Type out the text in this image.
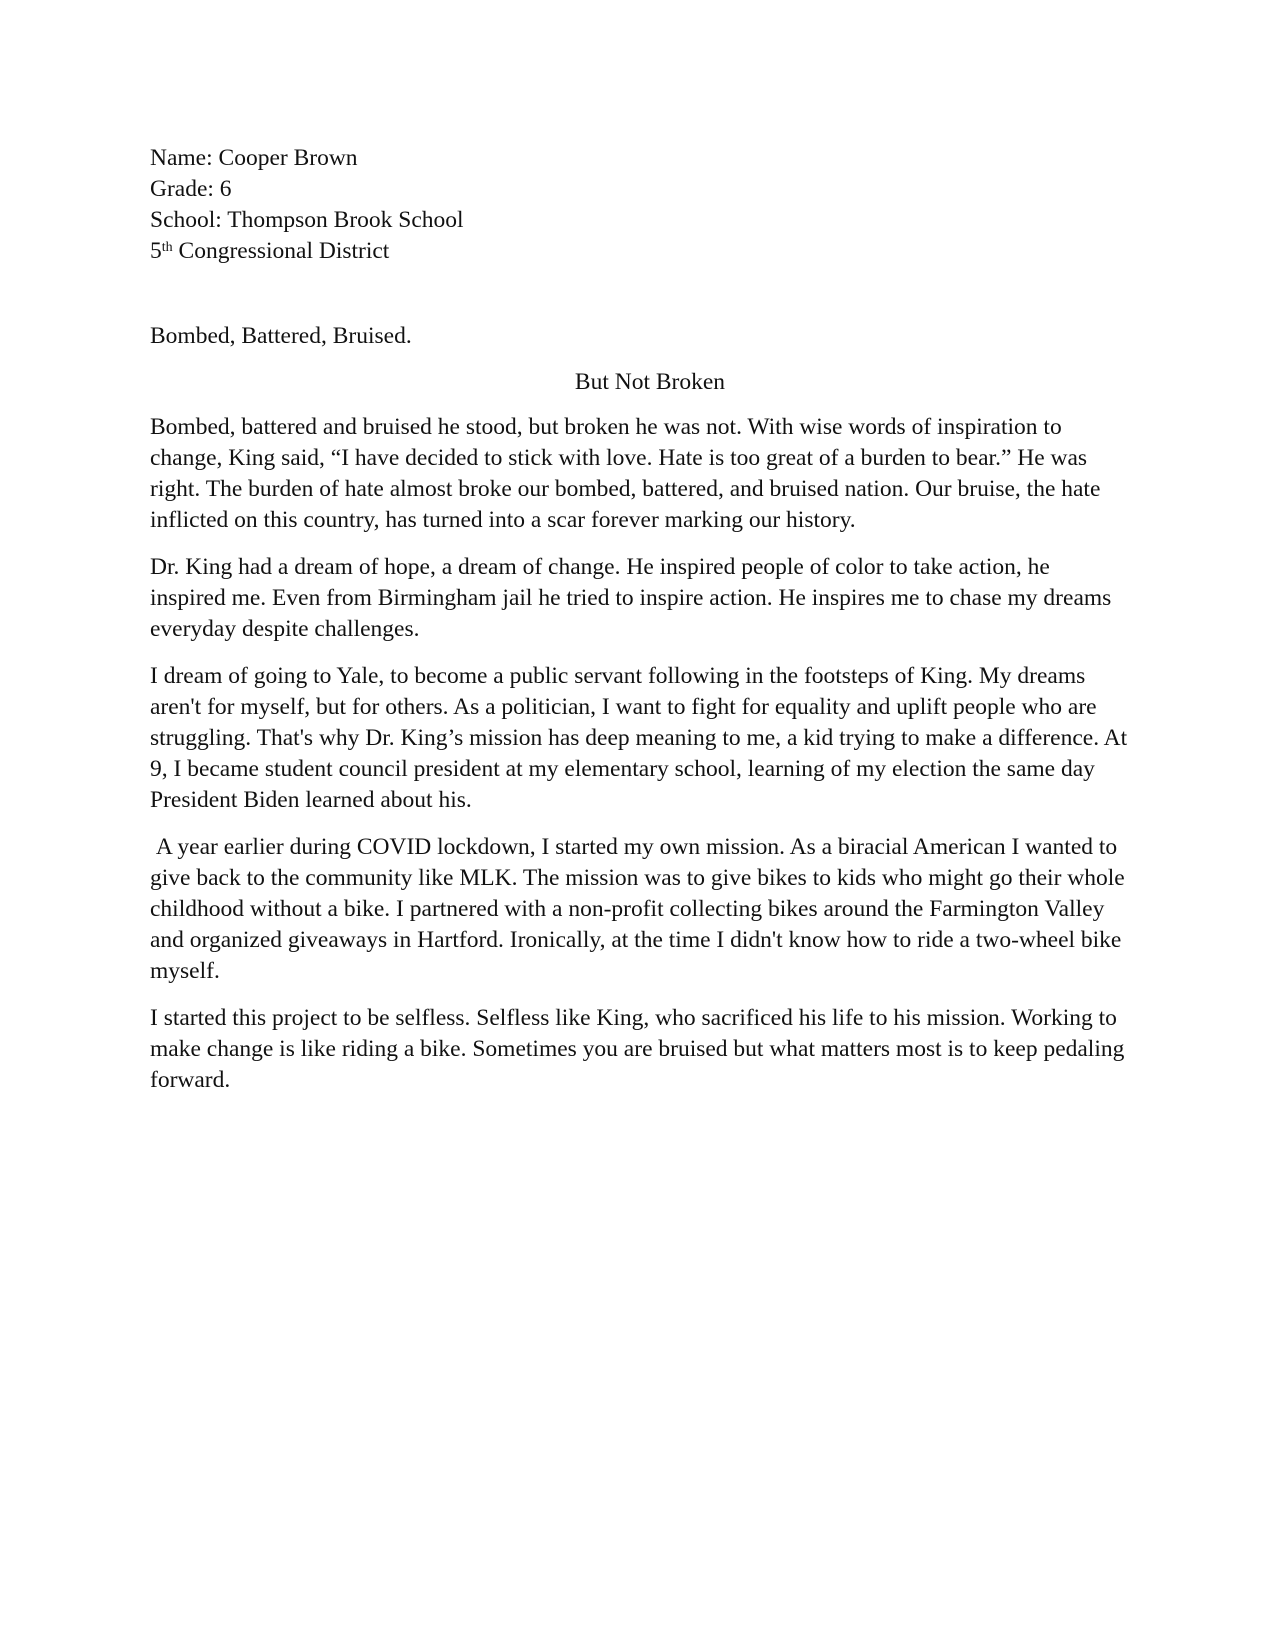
Name: Cooper Brown
Grade: 6
School: Thompson Brook School
5th Congressional District

Bombed, Battered, Bruised.

But Not Broken

Bombed, battered and bruised he stood, but broken he was not. With wise words of inspiration to change, King said, “I have decided to stick with love. Hate is too great of a burden to bear.” He was right. The burden of hate almost broke our bombed, battered, and bruised nation. Our bruise, the hate inflicted on this country, has turned into a scar forever marking our history.

Dr. King had a dream of hope, a dream of change. He inspired people of color to take action, he inspired me. Even from Birmingham jail he tried to inspire action. He inspires me to chase my dreams everyday despite challenges.

I dream of going to Yale, to become a public servant following in the footsteps of King. My dreams aren't for myself, but for others. As a politician, I want to fight for equality and uplift people who are struggling. That's why Dr. King’s mission has deep meaning to me, a kid trying to make a difference. At 9, I became student council president at my elementary school, learning of my election the same day President Biden learned about his.

A year earlier during COVID lockdown, I started my own mission. As a biracial American I wanted to give back to the community like MLK. The mission was to give bikes to kids who might go their whole childhood without a bike. I partnered with a non-profit collecting bikes around the Farmington Valley and organized giveaways in Hartford. Ironically, at the time I didn't know how to ride a two-wheel bike myself.

I started this project to be selfless. Selfless like King, who sacrificed his life to his mission. Working to make change is like riding a bike. Sometimes you are bruised but what matters most is to keep pedaling forward.
